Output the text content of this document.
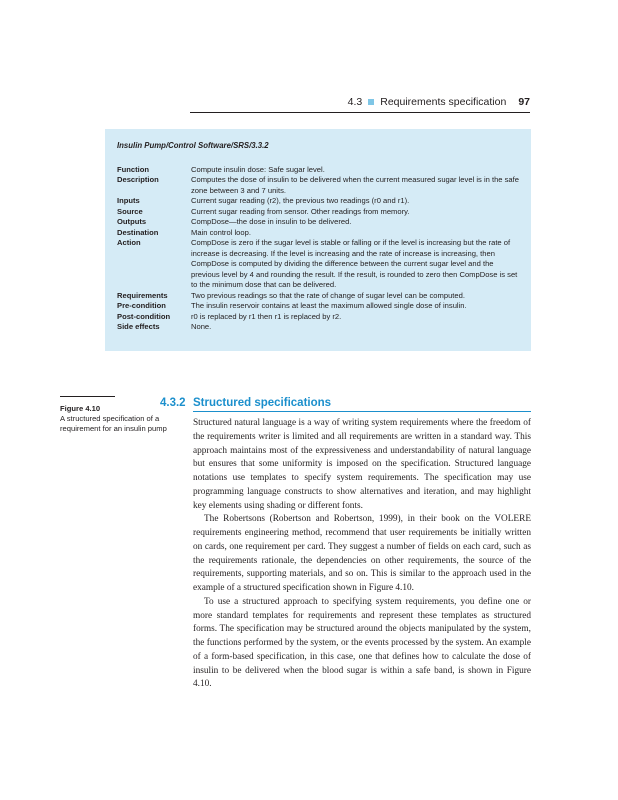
4.3 Requirements specification 97
Insulin Pump/Control Software/SRS/3.3.2
Function	Compute insulin dose: Safe sugar level.
Description	Computes the dose of insulin to be delivered when the current measured sugar level is in the safe zone between 3 and 7 units.
Inputs	Current sugar reading (r2), the previous two readings (r0 and r1).
Source	Current sugar reading from sensor. Other readings from memory.
Outputs	CompDose—the dose in insulin to be delivered.
Destination	Main control loop.
Action	CompDose is zero if the sugar level is stable or falling or if the level is increasing but the rate of increase is decreasing. If the level is increasing and the rate of increase is increasing, then CompDose is computed by dividing the difference between the current sugar level and the previous level by 4 and rounding the result. If the result, is rounded to zero then CompDose is set to the minimum dose that can be delivered.
Requirements	Two previous readings so that the rate of change of sugar level can be computed.
Pre-condition	The insulin reservoir contains at least the maximum allowed single dose of insulin.
Post-condition	r0 is replaced by r1 then r1 is replaced by r2.
Side effects	None.
Figure 4.10
A structured specification of a requirement for an insulin pump
4.3.2 Structured specifications

Structured natural language is a way of writing system requirements where the freedom of the requirements writer is limited and all requirements are written in a standard way. This approach maintains most of the expressiveness and understandability of natural language but ensures that some uniformity is imposed on the specification. Structured language notations use templates to specify system requirements. The specification may use programming language constructs to show alternatives and iteration, and may highlight key elements using shading or different fonts.

The Robertsons (Robertson and Robertson, 1999), in their book on the VOLERE requirements engineering method, recommend that user requirements be initially written on cards, one requirement per card. They suggest a number of fields on each card, such as the requirements rationale, the dependencies on other requirements, the source of the requirements, supporting materials, and so on. This is similar to the approach used in the example of a structured specification shown in Figure 4.10.

To use a structured approach to specifying system requirements, you define one or more standard templates for requirements and represent these templates as structured forms. The specification may be structured around the objects manipulated by the system, the functions performed by the system, or the events processed by the system. An example of a form-based specification, in this case, one that defines how to calculate the dose of insulin to be delivered when the blood sugar is within a safe band, is shown in Figure 4.10.
